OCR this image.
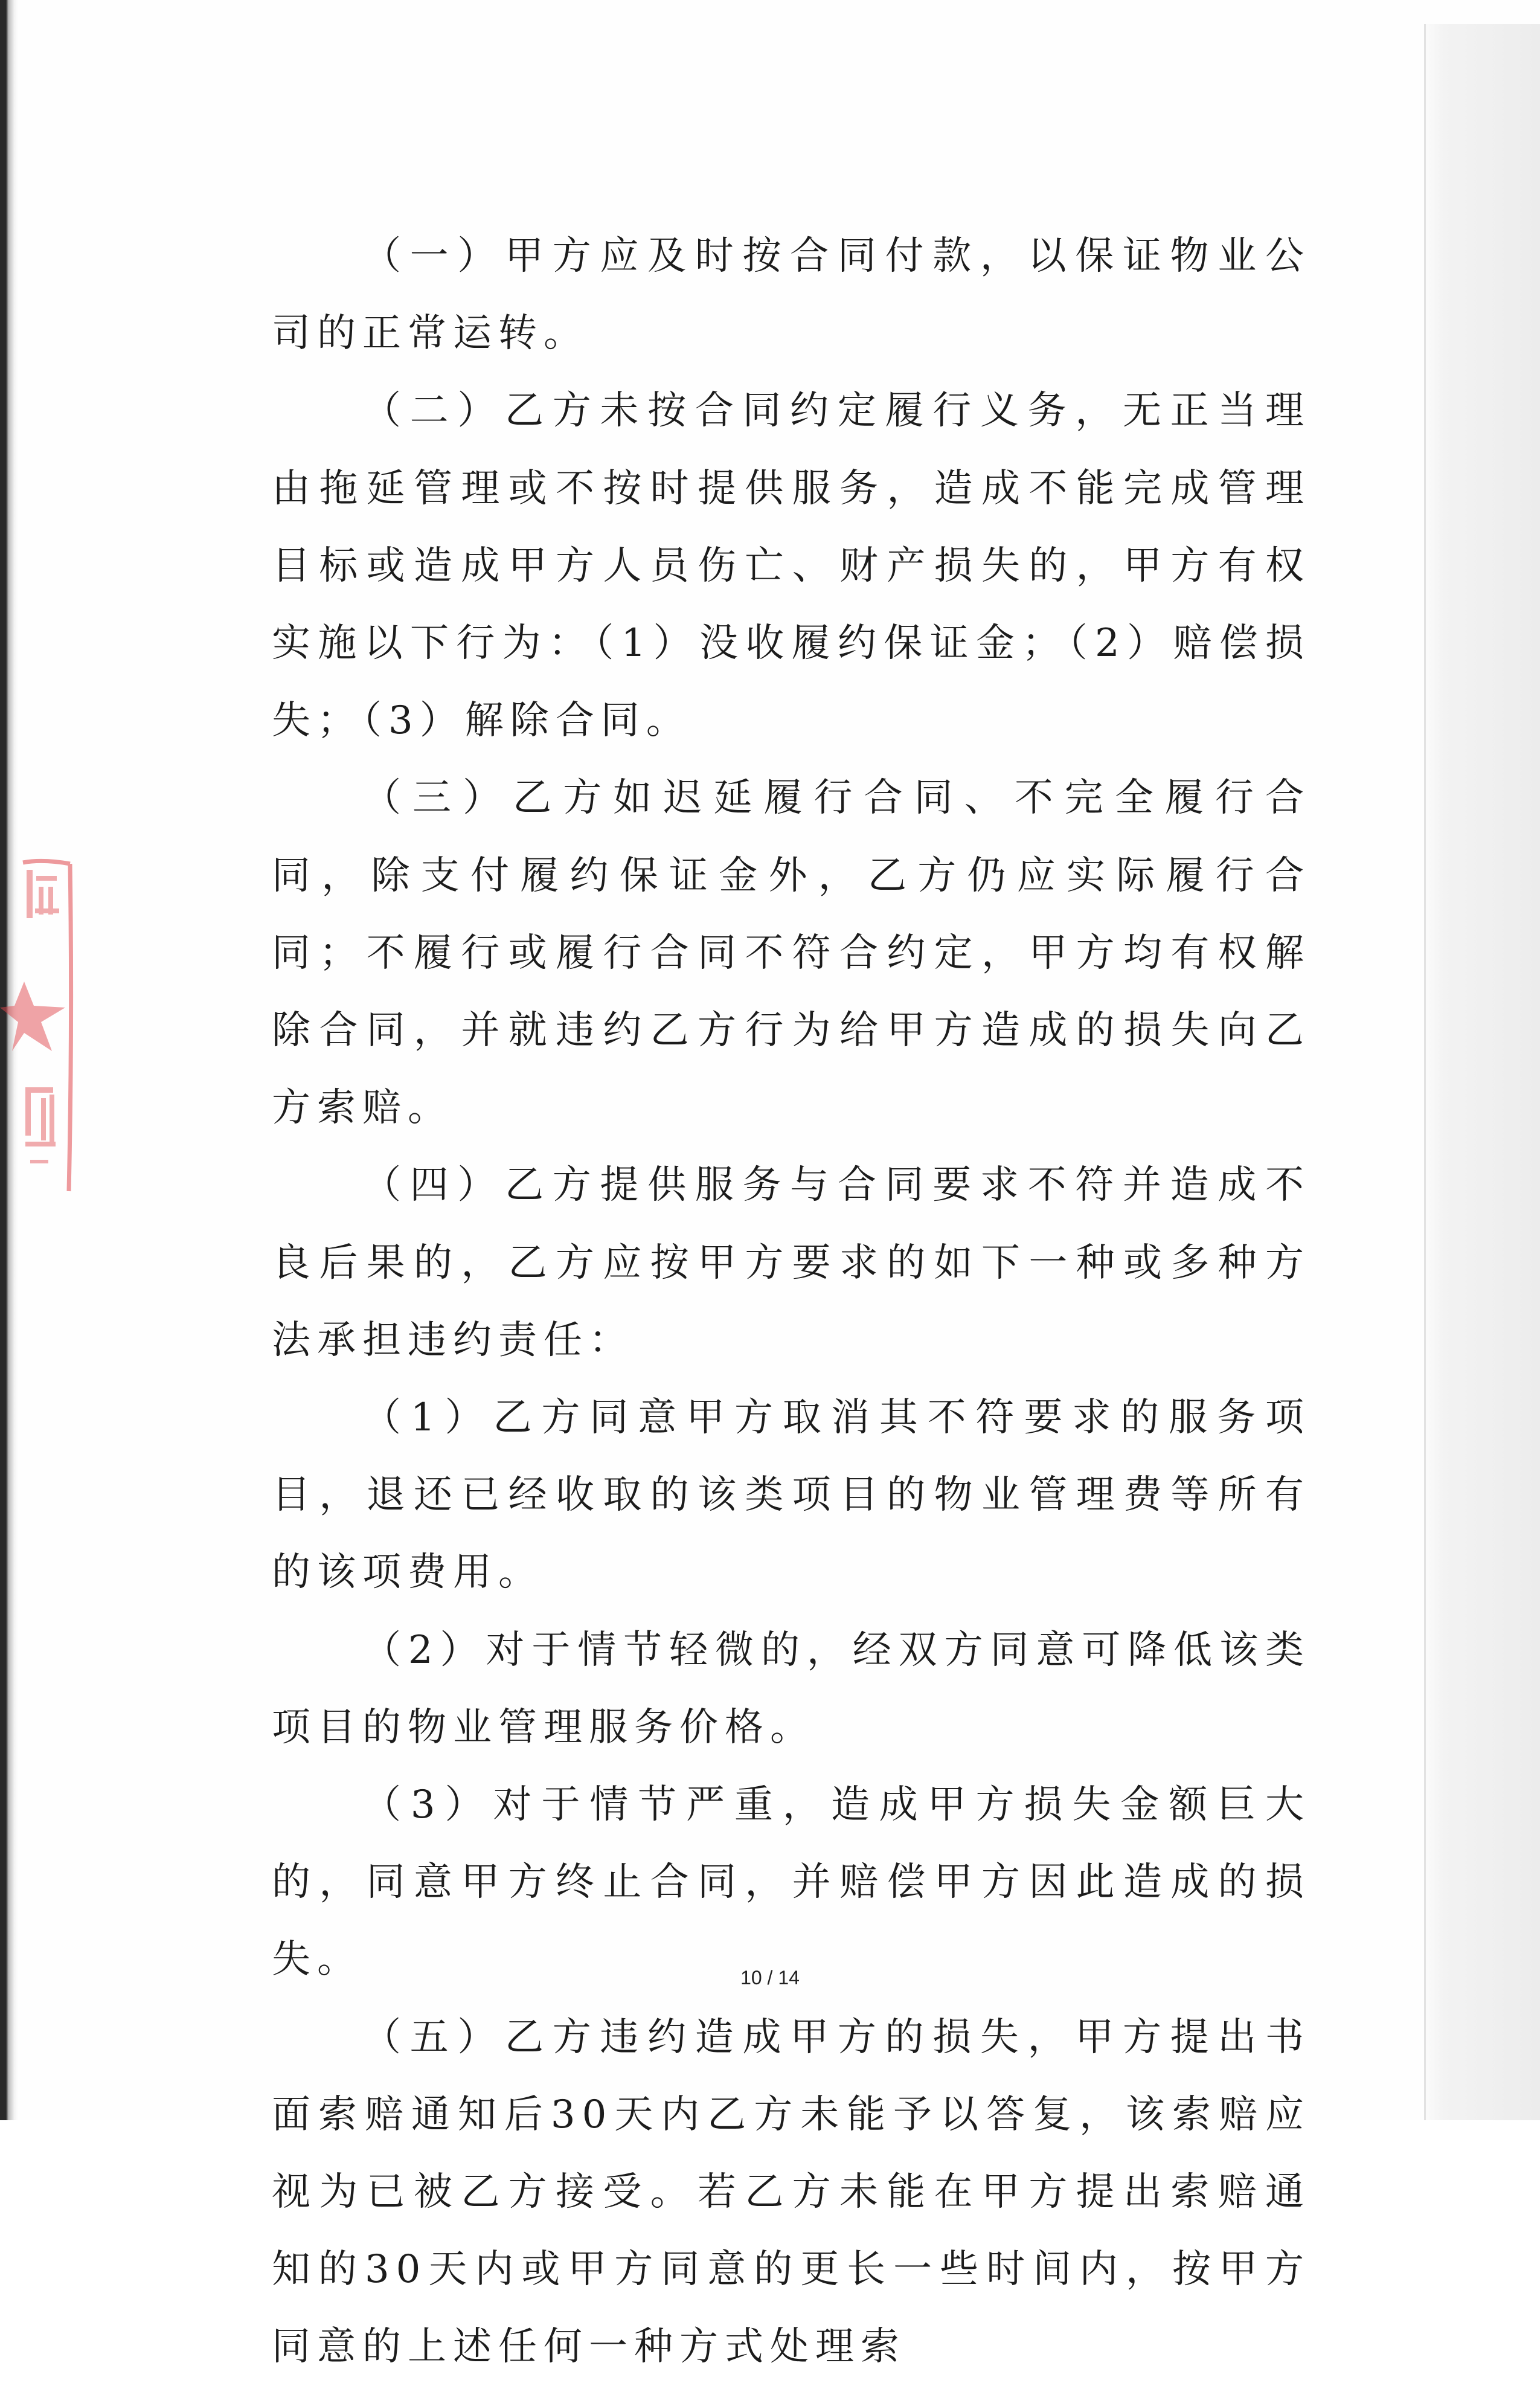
（一）甲方应及时按合同付款，以保证物业公司的正常运转。

（二）乙方未按合同约定履行义务，无正当理由拖延管理或不按时提供服务，造成不能完成管理目标或造成甲方人员伤亡、财产损失的，甲方有权实施以下行为：（1）没收履约保证金；（2）赔偿损失；（3）解除合同。

（三）乙方如迟延履行合同、不完全履行合同，除支付履约保证金外，乙方仍应实际履行合同；不履行或履行合同不符合约定，甲方均有权解除合同，并就违约乙方行为给甲方造成的损失向乙方索赔。

（四）乙方提供服务与合同要求不符并造成不良后果的，乙方应按甲方要求的如下一种或多种方法承担违约责任：

（1）乙方同意甲方取消其不符要求的服务项目，退还已经收取的该类项目的物业管理费等所有的该项费用。

（2）对于情节轻微的，经双方同意可降低该类项目的物业管理服务价格。

（3）对于情节严重，造成甲方损失金额巨大的，同意甲方终止合同，并赔偿甲方因此造成的损失。

（五）乙方违约造成甲方的损失，甲方提出书面索赔通知后30天内乙方未能予以答复，该索赔应视为已被乙方接受。若乙方未能在甲方提出索赔通知的30天内或甲方同意的更长一些时间内，按甲方同意的上述任何一种方式处理索

10 / 14
